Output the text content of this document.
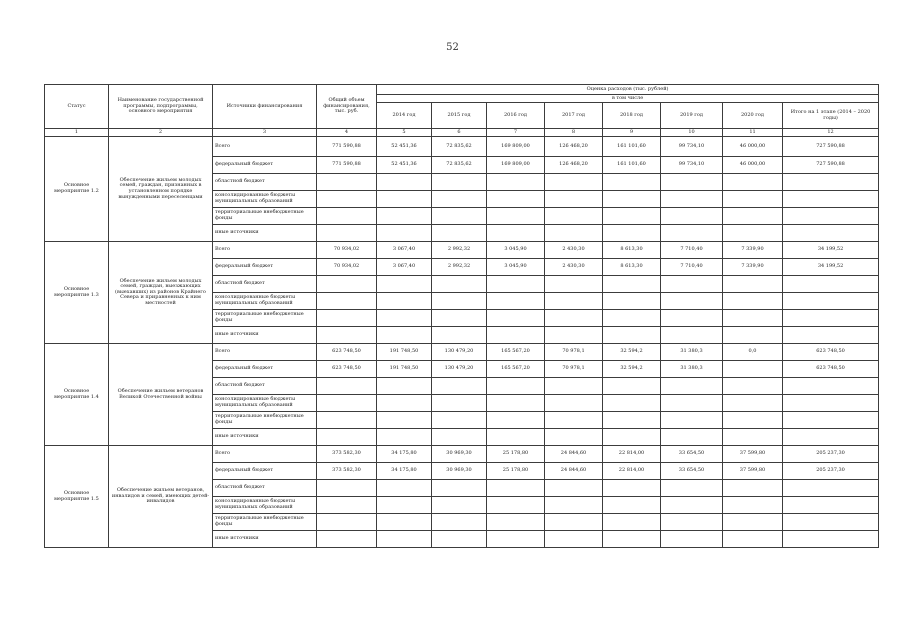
52
Статус	Наименование государственной программы, подпрограммы, основного мероприятия	Источники финансирования	Общий объем финансирования, тыс. руб.	Оценка расходов (тыс. рублей)							
				в том числе							
				2014 год	2015 год	2016 год	2017 год	2018 год	2019 год	2020 год	Итого на 1 этапе (2014 – 2020 годы)
1	2	3	4	5	6	7	8	9	10	11	12
Основное мероприятие 1.2	Обеспечение жильем молодых семей, граждан, признанных в установленном порядке вынужденными переселенцами	Всего	771 590,88	52 451,36	72 835,62	169 809,00	126 468,20	161 101,60	99 734,10	46 000,00	727 590,88
		федеральный бюджет	771 590,88	52 451,36	72 835,62	169 809,00	126 468,20	161 101,60	99 734,10	46 000,00	727 590,88
		областной бюджет									
		консолидированные бюджеты муниципальных образований									
		территориальные внебюджетные фонды									
		иные источники									
Основное мероприятие 1.3	Обеспечение жильем молодых семей, граждан, выезжающих (выехавших) из районов Крайнего Севера и приравненных к ним местностей	Всего	70 934,02	3 067,40	2 992,32	3 045,90	2 430,30	8 613,30	7 710,40	7 339,90	34 199,52
		федеральный бюджет	70 934,02	3 067,40	2 992,32	3 045,90	2 430,30	8 613,30	7 710,40	7 339,90	34 199,52
		областной бюджет									
		консолидированные бюджеты муниципальных образований									
		территориальные внебюджетные фонды									
		иные источники									
Основное мероприятие 1.4	Обеспечение жильем ветеранов Великой Отечественной войны	Всего	623 748,50	191 748,50	130 479,20	165 567,20	70 978,1	32 594,2	31 380,3	0,0	623 748,50
		федеральный бюджет	623 748,50	191 748,50	130 479,20	165 567,20	70 978,1	32 594,2	31 380,3		623 748,50
		областной бюджет									
		консолидированные бюджеты муниципальных образований									
		территориальные внебюджетные фонды									
		иные источники									
Основное мероприятие 1.5	Обеспечение жильем ветеранов, инвалидов и семей, имеющих детей-инвалидов	Всего	373 582,30	34 175,80	30 969,30	25 178,80	24 844,60	22 814,00	33 654,50	37 599,80	205 237,30
		федеральный бюджет	373 582,30	34 175,80	30 969,30	25 178,80	24 844,60	22 814,00	33 654,50	37 599,80	205 237,30
		областной бюджет									
		консолидированные бюджеты муниципальных образований									
		территориальные внебюджетные фонды									
		иные источники									
